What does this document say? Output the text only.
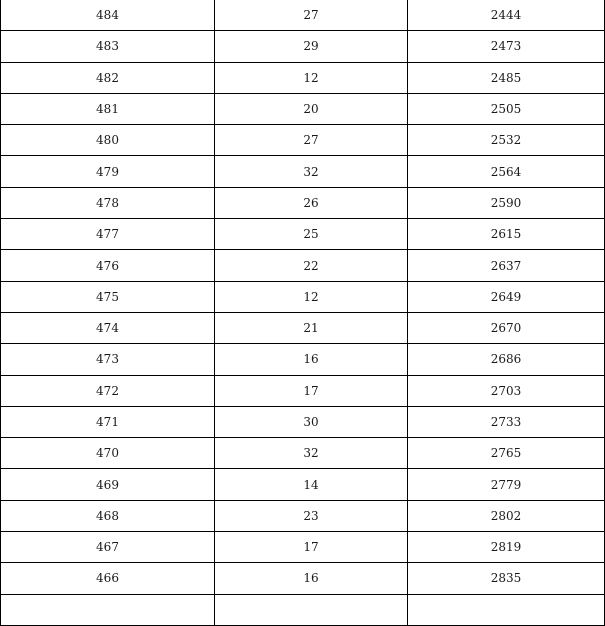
484	27	2444
483	29	2473
482	12	2485
481	20	2505
480	27	2532
479	32	2564
478	26	2590
477	25	2615
476	22	2637
475	12	2649
474	21	2670
473	16	2686
472	17	2703
471	30	2733
470	32	2765
469	14	2779
468	23	2802
467	17	2819
466	16	2835
